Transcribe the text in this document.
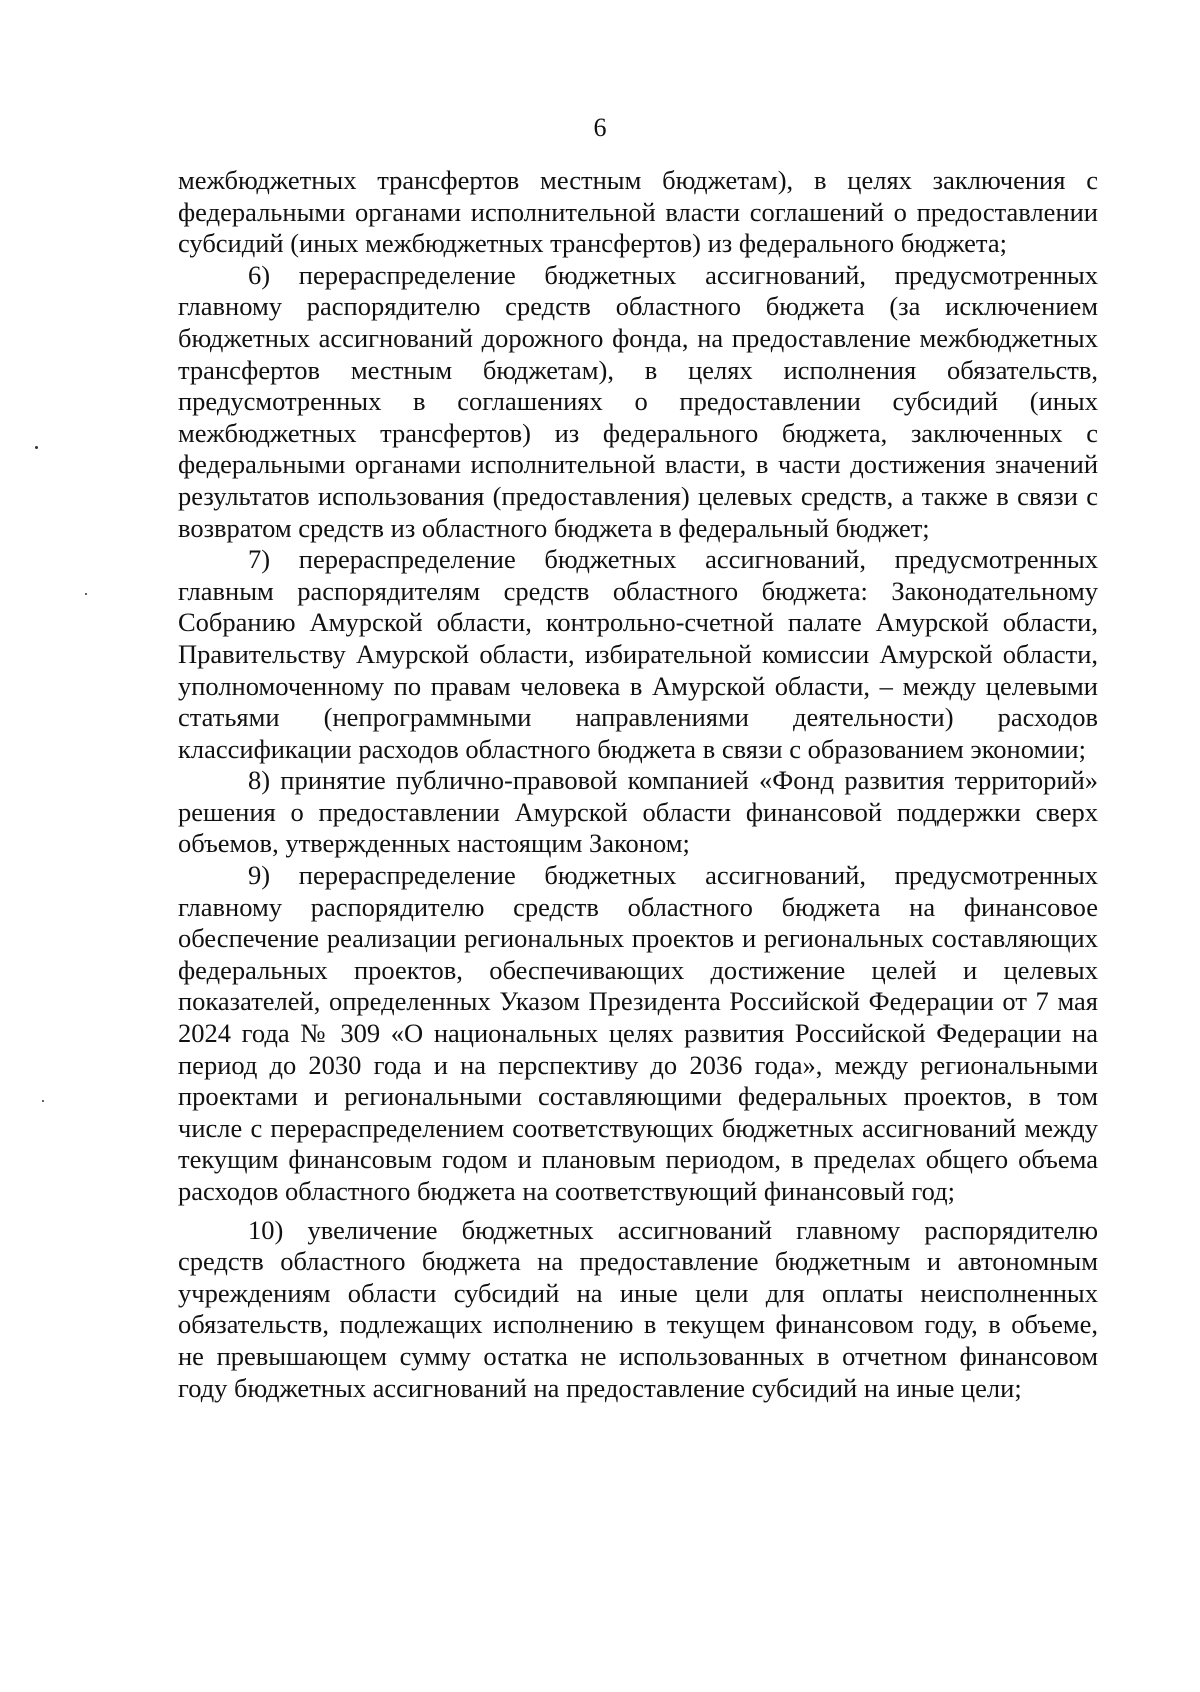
6

межбюджетных трансфертов местным бюджетам), в целях заключения с федеральными органами исполнительной власти соглашений о предоставлении субсидий (иных межбюджетных трансфертов) из федерального бюджета;

6) перераспределение бюджетных ассигнований, предусмотренных главному распорядителю средств областного бюджета (за исключением бюджетных ассигнований дорожного фонда, на предоставление межбюджетных трансфертов местным бюджетам), в целях исполнения обязательств, предусмотренных в соглашениях о предоставлении субсидий (иных межбюджетных трансфертов) из федерального бюджета, заключенных с федеральными органами исполнительной власти, в части достижения значений результатов использования (предоставления) целевых средств, а также в связи с возвратом средств из областного бюджета в федеральный бюджет;

7) перераспределение бюджетных ассигнований, предусмотренных главным распорядителям средств областного бюджета: Законодательному Собранию Амурской области, контрольно-счетной палате Амурской области, Правительству Амурской области, избирательной комиссии Амурской области, уполномоченному по правам человека в Амурской области, – между целевыми статьями (непрограммными направлениями деятельности) расходов классификации расходов областного бюджета в связи с образованием экономии;

8) принятие публично-правовой компанией «Фонд развития территорий» решения о предоставлении Амурской области финансовой поддержки сверх объемов, утвержденных настоящим Законом;

9) перераспределение бюджетных ассигнований, предусмотренных главному распорядителю средств областного бюджета на финансовое обеспечение реализации региональных проектов и региональных составляющих федеральных проектов, обеспечивающих достижение целей и целевых показателей, определенных Указом Президента Российской Федерации от 7 мая 2024 года № 309 «О национальных целях развития Российской Федерации на период до 2030 года и на перспективу до 2036 года», между региональными проектами и региональными составляющими федеральных проектов, в том числе с перераспределением соответствующих бюджетных ассигнований между текущим финансовым годом и плановым периодом, в пределах общего объема расходов областного бюджета на соответствующий финансовый год;

10) увеличение бюджетных ассигнований главному распорядителю средств областного бюджета на предоставление бюджетным и автономным учреждениям области субсидий на иные цели для оплаты неисполненных обязательств, подлежащих исполнению в текущем финансовом году, в объеме, не превышающем сумму остатка не использованных в отчетном финансовом году бюджетных ассигнований на предоставление субсидий на иные цели;
